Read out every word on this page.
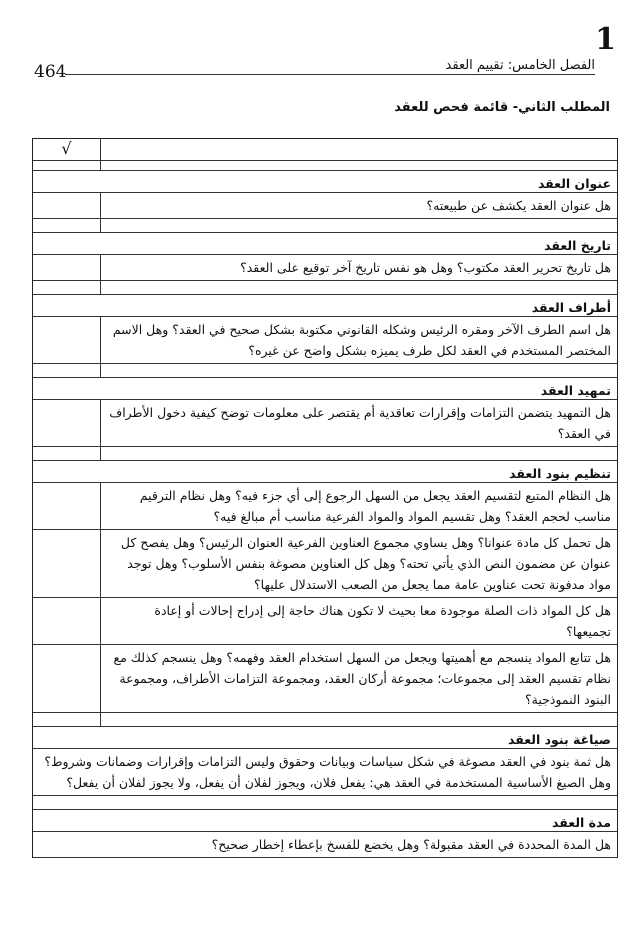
1
464	الفصل الخامس: تقييم العقد
المطلب الثاني- قائمة فحص للعقد
√
عنوان العقد
هل عنوان العقد يكشف عن طبيعته؟
تاريخ العقد
هل تاريخ تحرير العقد مكتوب؟ وهل هو نفس تاريخ آخر توقيع على العقد؟
أطراف العقد
هل اسم الطرف الآخر ومقره الرئيس وشكله القانوني مكتوبة بشكل صحيح في العقد؟ وهل الاسم المختصر المستخدم في العقد لكل طرف يميزه بشكل واضح عن غيره؟
تمهيد العقد
هل التمهيد يتضمن التزامات وإقرارات تعاقدية أم يقتصر على معلومات توضح كيفية دخول الأطراف في العقد؟
تنظيم بنود العقد
هل النظام المتبع لتقسيم العقد يجعل من السهل الرجوع إلى أي جزء فيه؟ وهل نظام الترقيم مناسب لحجم العقد؟ وهل تقسيم المواد والمواد الفرعية مناسب أم مبالغ فيه؟
هل تحمل كل مادة عنوانا؟ وهل يساوي مجموع العناوين الفرعية العنوان الرئيس؟ وهل يفصح كل عنوان عن مضمون النص الذي يأتي تحته؟ وهل كل العناوين مصوغة بنفس الأسلوب؟ وهل توجد مواد مدفونة تحت عناوين عامة مما يجعل من الصعب الاستدلال عليها؟
هل كل المواد ذات الصلة موجودة معا بحيث لا تكون هناك حاجة إلى إدراج إحالات أو إعادة تجميعها؟
هل تتابع المواد ينسجم مع أهميتها ويجعل من السهل استخدام العقد وفهمه؟ وهل ينسجم كذلك مع نظام تقسيم العقد إلى مجموعات؛ مجموعة أركان العقد، ومجموعة التزامات الأطراف، ومجموعة البنود النموذجية؟
صياغة بنود العقد
هل ثمة بنود في العقد مصوغة في شكل سياسات وبيانات وحقوق وليس التزامات وإقرارات وضمانات وشروط؟ وهل الصيغ الأساسية المستخدمة في العقد هي: يفعل فلان، ويجوز لفلان أن يفعل، ولا يجوز لفلان أن يفعل؟
مدة العقد
هل المدة المحددة في العقد مقبولة؟ وهل يخضع للفسخ بإعطاء إخطار صحيح؟
